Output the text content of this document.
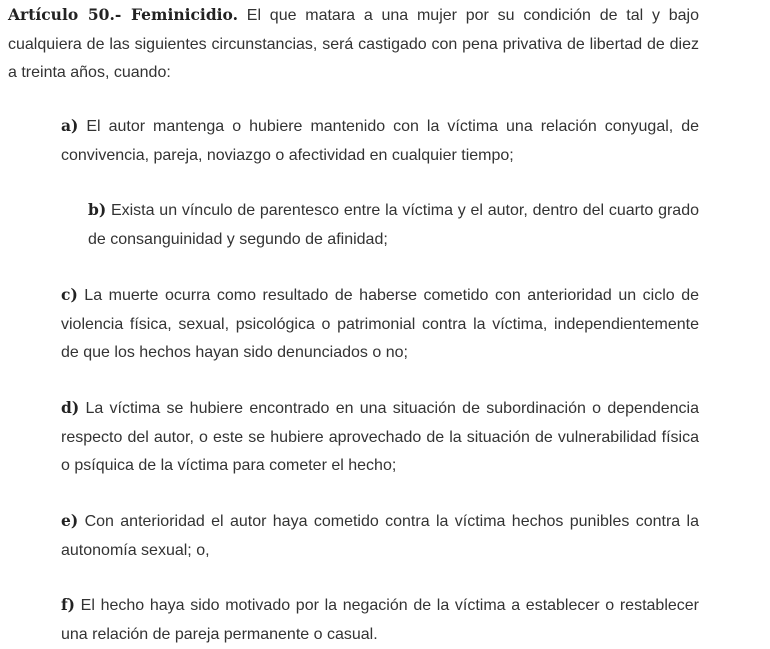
Artículo 50.- Feminicidio. El que matara a una mujer por su condición de tal y bajo cualquiera de las siguientes circunstancias, será castigado con pena privativa de libertad de diez a treinta años, cuando:

a) El autor mantenga o hubiere mantenido con la víctima una relación conyugal, de convivencia, pareja, noviazgo o afectividad en cualquier tiempo;

b) Exista un vínculo de parentesco entre la víctima y el autor, dentro del cuarto grado de consanguinidad y segundo de afinidad;

c) La muerte ocurra como resultado de haberse cometido con anterioridad un ciclo de violencia física, sexual, psicológica o patrimonial contra la víctima, independientemente de que los hechos hayan sido denunciados o no;

d) La víctima se hubiere encontrado en una situación de subordinación o dependencia respecto del autor, o este se hubiere aprovechado de la situación de vulnerabilidad física o psíquica de la víctima para cometer el hecho;

e) Con anterioridad el autor haya cometido contra la víctima hechos punibles contra la autonomía sexual; o,

f) El hecho haya sido motivado por la negación de la víctima a establecer o restablecer una relación de pareja permanente o casual.
